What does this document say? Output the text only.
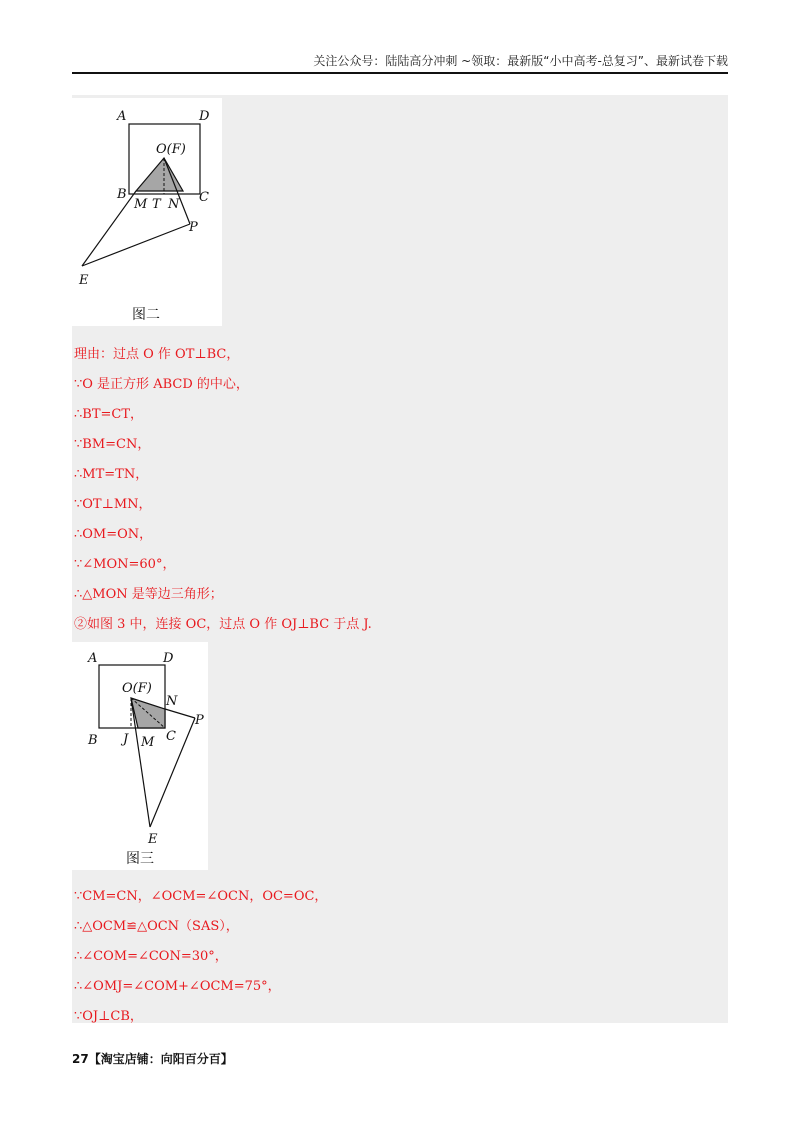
关注公众号：陆陆高分冲刺 ~领取：最新版“小中高考-总复习”、最新试卷下载
A	D
O(F)
B	C
M T N
P
E
图二
理由：过点 O 作 OT⊥BC，
∵O 是正方形 ABCD 的中心，
∴BT=CT，
∵BM=CN，
∴MT=TN，
∵OT⊥MN，
∴OM=ON，
∵∠MON=60°，
∴△MON 是等边三角形；
②如图 3 中，连接 OC，过点 O 作 OJ⊥BC 于点 J.
A	D
O(F)
N
P
B J M C
E
图三
∵CM=CN，∠OCM=∠OCN，OC=OC，
∴△OCM≌△OCN（SAS），
∴∠COM=∠CON=30°，
∴∠OMJ=∠COM+∠OCM=75°，
∵OJ⊥CB，
27【淘宝店铺：向阳百分百】
